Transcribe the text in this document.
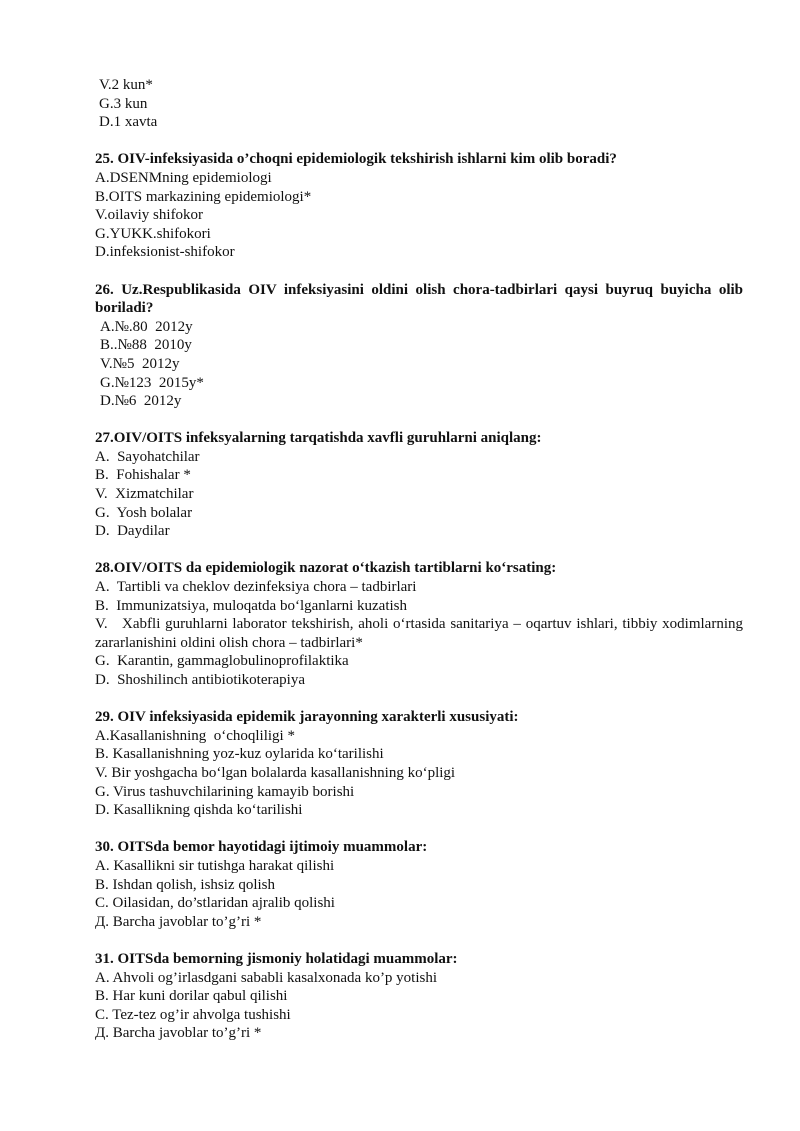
V.2 kun*
G.3 kun
D.1 xavta
25. OIV-infeksiyasida o’choqni epidemiologik tekshirish ishlarni kim olib boradi?
A.DSENMning epidemiologi
B.OITS markazining epidemiologi*
V.oilaviy shifokor
G.YUKK.shifokori
D.infeksionist-shifokor
26. Uz.Respublikasida OIV infeksiyasini oldini olish chora-tadbirlari qaysi buyruq buyicha olib boriladi?
A.№.80  2012y
B..№88  2010y
V.№5  2012y
G.№123  2015y*
D.№6  2012y
27.OIV/OITS infeksyalarning tarqatishda xavfli guruhlarni aniqlang:
A.  Sayohatchilar
B.  Fohishalar *
V.  Xizmatchilar
G.  Yosh bolalar
D.  Daydilar
28.OIV/OITS da epidemiologik nazorat o‘tkazish tartiblarni ko‘rsating:
A.  Tartibli va cheklov dezinfeksiya chora – tadbirlari
B.  Immunizatsiya, muloqatda bo‘lganlarni kuzatish
V.   Xabfli guruhlarni laborator tekshirish, aholi o‘rtasida sanitariya – oqartuv ishlari, tibbiy xodimlarning zararlanishini oldini olish chora – tadbirlari*
G.  Karantin, gammaglobulinoprofilaktika
D.  Shoshilinch antibiotikoterapiya
29. OIV infeksiyasida epidemik jarayonning xarakterli xususiyati:
A.Kasallanishning  o‘choqliligi *
B. Kasallanishning yoz-kuz oylarida ko‘tarilishi
V. Bir yoshgacha bo‘lgan bolalarda kasallanishning ko‘pligi
G. Virus tashuvchilarining kamayib borishi
D. Kasallikning qishda ko‘tarilishi
30. OITSda bemor hayotidagi ijtimoiy muammolar:
A. Kasallikni sir tutishga harakat qilishi
B. Ishdan qolish, ishsiz qolish
C. Oilasidan, do’stlaridan ajralib qolishi
Д. Barcha javoblar to’g’ri *
31. OITSda bemorning jismoniy holatidagi muammolar:
A. Ahvoli og’irlasdgani sababli kasalxonada ko’p yotishi
B. Har kuni dorilar qabul qilishi
C. Tez-tez og’ir ahvolga tushishi
Д. Barcha javoblar to’g’ri *
